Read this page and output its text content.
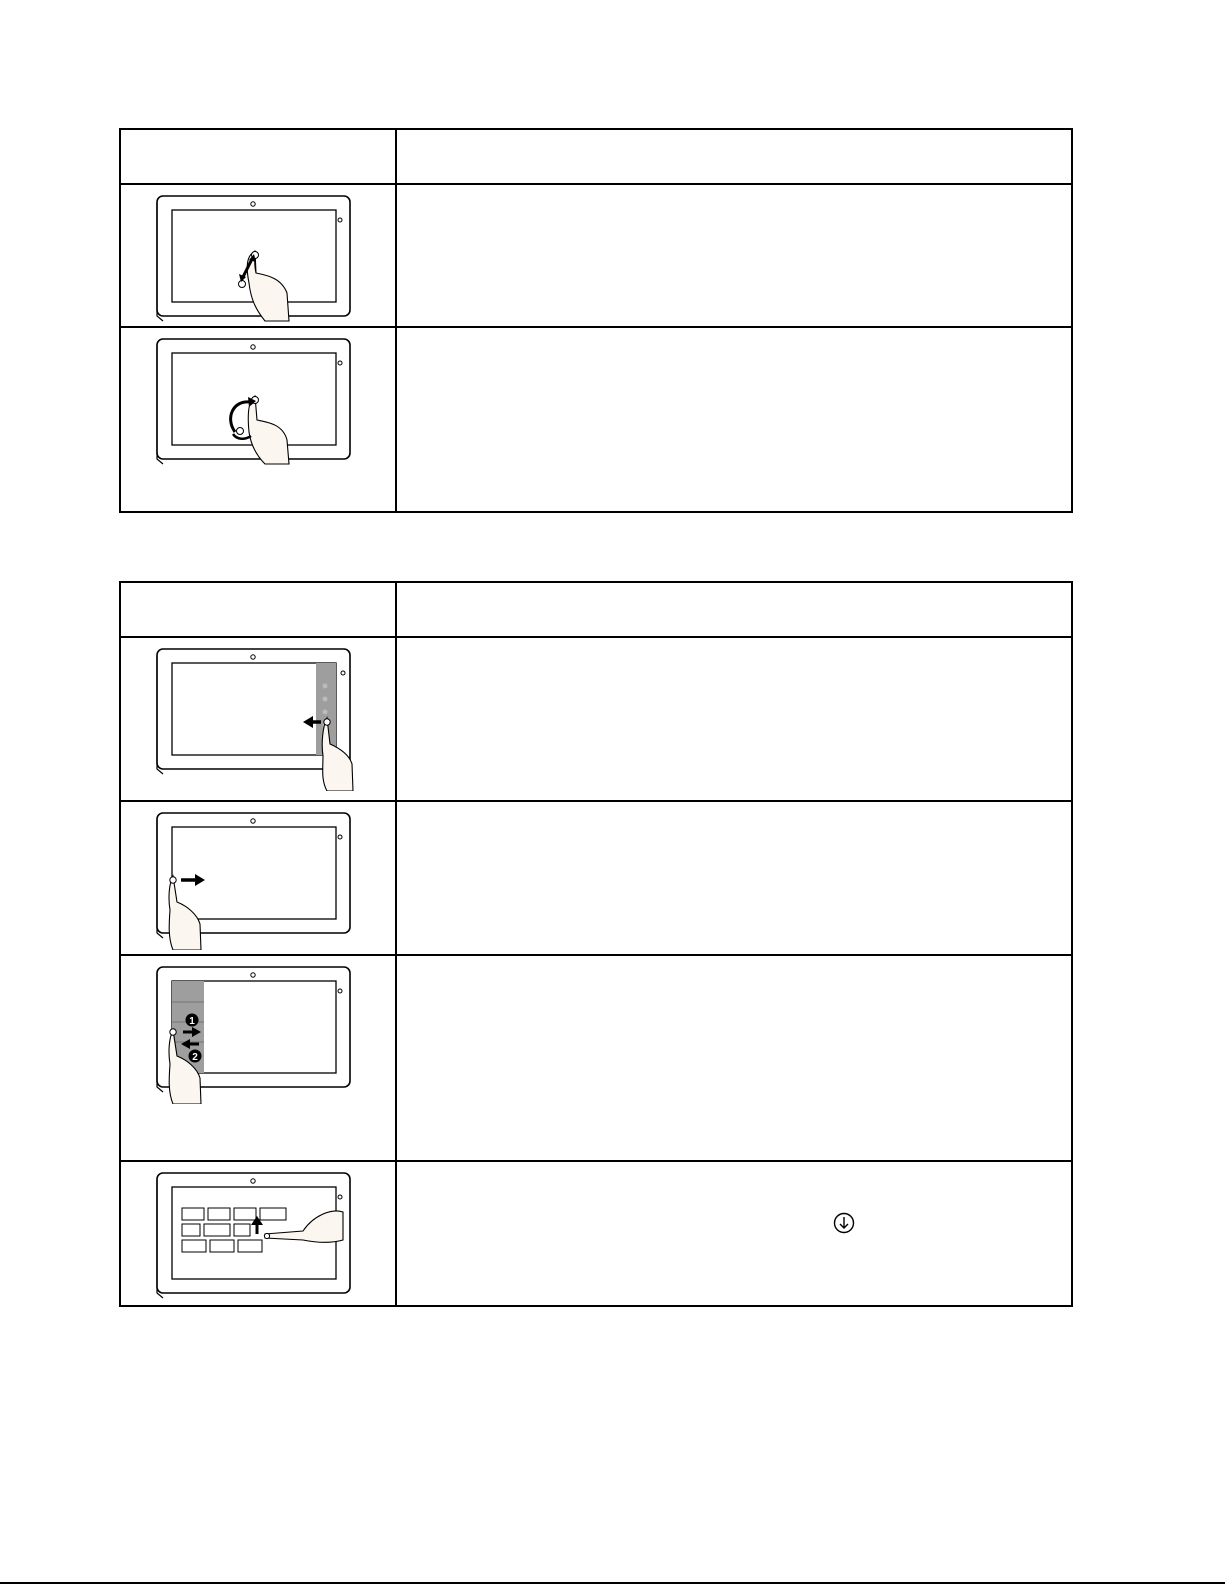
1
2	
